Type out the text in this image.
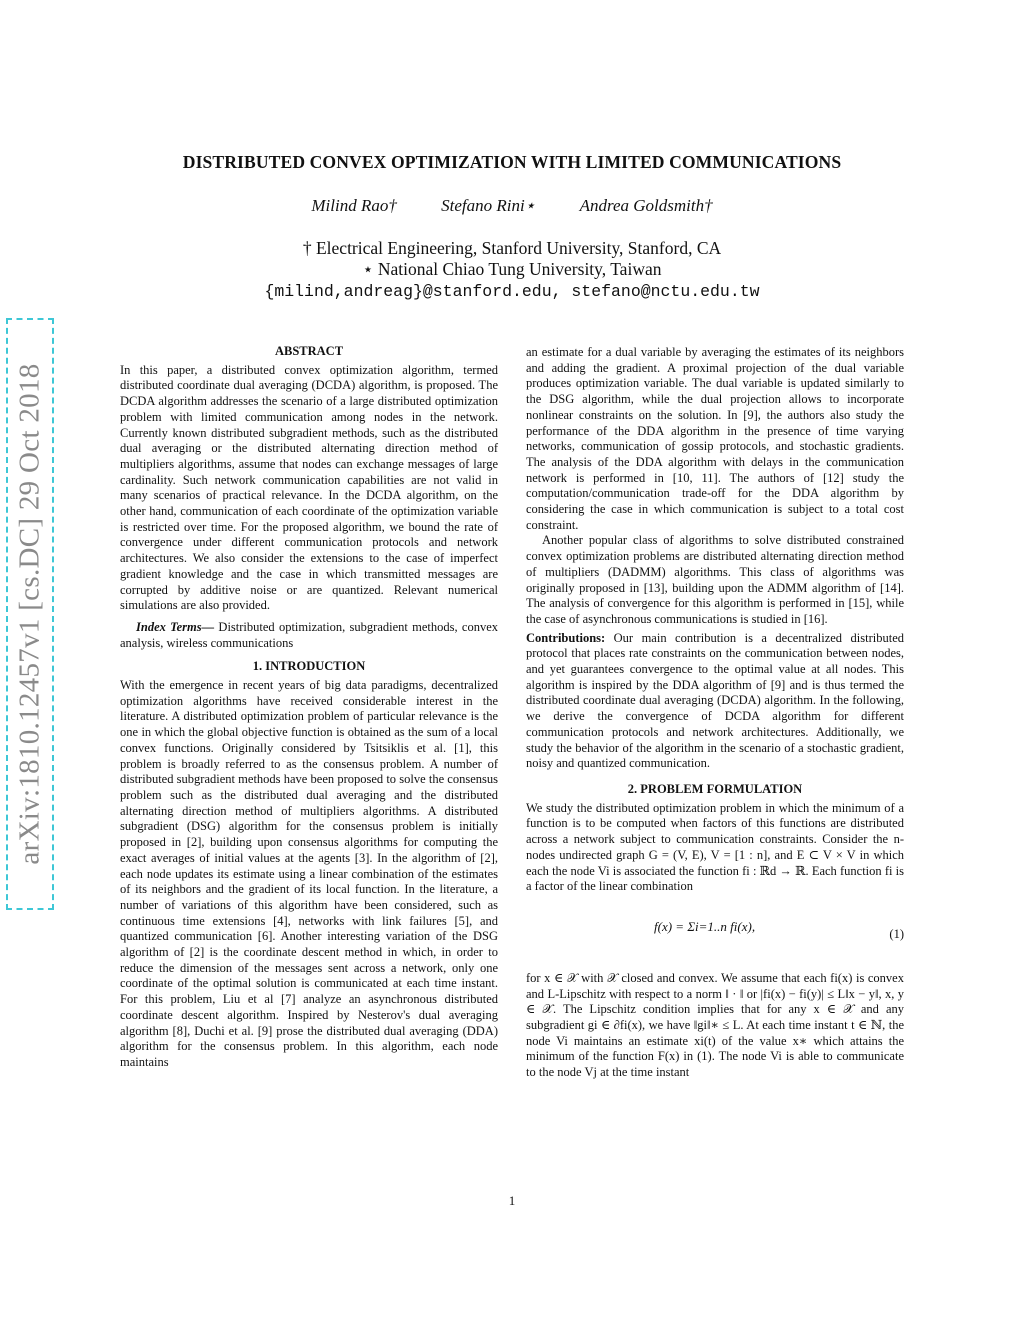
arXiv:1810.12457v1 [cs.DC] 29 Oct 2018
DISTRIBUTED CONVEX OPTIMIZATION WITH LIMITED COMMUNICATIONS
Milind Rao†	Stefano Rini⋆	Andrea Goldsmith†
† Electrical Engineering, Stanford University, Stanford, CA
⋆ National Chiao Tung University, Taiwan
{milind,andreag}@stanford.edu, stefano@nctu.edu.tw
ABSTRACT

In this paper, a distributed convex optimization algorithm, termed distributed coordinate dual averaging (DCDA) algorithm, is proposed. The DCDA algorithm addresses the scenario of a large distributed optimization problem with limited communication among nodes in the network. Currently known distributed subgradient methods, such as the distributed dual averaging or the distributed alternating direction method of multipliers algorithms, assume that nodes can exchange messages of large cardinality. Such network communication capabilities are not valid in many scenarios of practical relevance. In the DCDA algorithm, on the other hand, communication of each coordinate of the optimization variable is restricted over time. For the proposed algorithm, we bound the rate of convergence under different communication protocols and network architectures. We also consider the extensions to the case of imperfect gradient knowledge and the case in which transmitted messages are corrupted by additive noise or are quantized. Relevant numerical simulations are also provided.

Index Terms— Distributed optimization, subgradient methods, convex analysis, wireless communications

1. INTRODUCTION

With the emergence in recent years of big data paradigms, decentralized optimization algorithms have received considerable interest in the literature. A distributed optimization problem of particular relevance is the one in which the global objective function is obtained as the sum of a local convex functions. Originally considered by Tsitsiklis et al. [1], this problem is broadly referred to as the consensus problem. A number of distributed subgradient methods have been proposed to solve the consensus problem such as the distributed dual averaging and the distributed alternating direction method of multipliers algorithms. A distributed subgradient (DSG) algorithm for the consensus problem is initially proposed in [2], building upon consensus algorithms for computing the exact averages of initial values at the agents [3]. In the algorithm of [2], each node updates its estimate using a linear combination of the estimates of its neighbors and the gradient of its local function. In the literature, a number of variations of this algorithm have been considered, such as continuous time extensions [4], networks with link failures [5], and quantized communication [6]. Another interesting variation of the DSG algorithm of [2] is the coordinate descent method in which, in order to reduce the dimension of the messages sent across a network, only one coordinate of the optimal solution is communicated at each time instant. For this problem, Liu et al [7] analyze an asynchronous distributed coordinate descent algorithm. Inspired by Nesterov's dual averaging algorithm [8], Duchi et al. [9] prose the distributed dual averaging (DDA) algorithm for the consensus problem. In this algorithm, each node maintains

an estimate for a dual variable by averaging the estimates of its neighbors and adding the gradient. A proximal projection of the dual variable produces optimization variable. The dual variable is updated similarly to the DSG algorithm, while the dual projection allows to incorporate nonlinear constraints on the solution. In [9], the authors also study the performance of the DDA algorithm in the presence of time varying networks, communication of gossip protocols, and stochastic gradients. The analysis of the DDA algorithm with delays in the communication network is performed in [10, 11]. The authors of [12] study the computation/communication trade-off for the DDA algorithm by considering the case in which communication is subject to a total cost constraint.

Another popular class of algorithms to solve distributed constrained convex optimization problems are distributed alternating direction method of multipliers (DADMM) algorithms. This class of algorithms was originally proposed in [13], building upon the ADMM algorithm of [14]. The analysis of convergence for this algorithm is performed in [15], while the case of asynchronous communications is studied in [16].

Contributions: Our main contribution is a decentralized distributed protocol that places rate constraints on the communication between nodes, and yet guarantees convergence to the optimal value at all nodes. This algorithm is inspired by the DDA algorithm of [9] and is thus termed the distributed coordinate dual averaging (DCDA) algorithm. In the following, we derive the convergence of DCDA algorithm for different communication protocols and network architectures. Additionally, we study the behavior of the algorithm in the scenario of a stochastic gradient, noisy and quantized communication.

2. PROBLEM FORMULATION

We study the distributed optimization problem in which the minimum of a function is to be computed when factors of this functions are distributed across a network subject to communication constraints. Consider the n-nodes undirected graph G = (V, E), V = [1 : n], and E ⊂ V × V in which each the node Vi is associated the function fi : ℝd → ℝ. Each function fi is a factor of the linear combination

f(x) = Σi=1..n fi(x),	(1)

for x ∈ 𝒳 with 𝒳 closed and convex. We assume that each fi(x) is convex and L-Lipschitz with respect to a norm ‖ · ‖ or |fi(x) − fi(y)| ≤ L‖x − y‖, x, y ∈ 𝒳. The Lipschitz condition implies that for any x ∈ 𝒳 and any subgradient gi ∈ ∂fi(x), we have ‖gi‖∗ ≤ L. At each time instant t ∈ ℕ, the node Vi maintains an estimate xi(t) of the value x∗ which attains the minimum of the function F(x) in (1). The node Vi is able to communicate to the node Vj at the time instant

1
